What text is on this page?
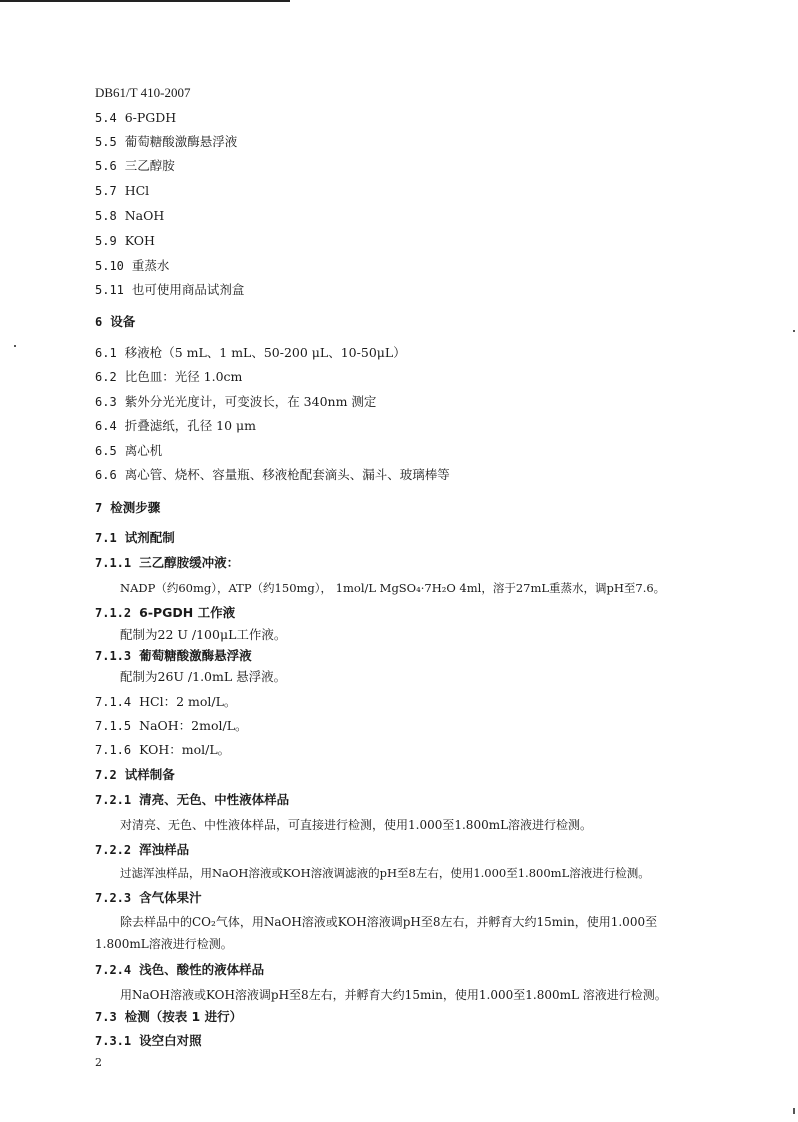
DB61/T 410-2007
5.4 6-PGDH
5.5 葡萄糖酸激酶悬浮液
5.6 三乙醇胺
5.7 HCl
5.8 NaOH
5.9 KOH
5.10 重蒸水
5.11 也可使用商品试剂盒
6 设备
6.1 移液枪（5 mL、1 mL、50-200 μL、10-50μL）
6.2 比色皿：光径 1.0cm
6.3 紫外分光光度计，可变波长，在 340nm 测定
6.4 折叠滤纸，孔径 10 μm
6.5 离心机
6.6 离心管、烧杯、容量瓶、移液枪配套滴头、漏斗、玻璃棒等
7 检测步骤
7.1 试剂配制
7.1.1 三乙醇胺缓冲液：
NADP（约60mg），ATP（约150mg）， 1mol/L MgSO₄·7H₂O 4ml，溶于27mL重蒸水，调pH至7.6。
7.1.2 6-PGDH 工作液
配制为22 U /100μL工作液。
7.1.3 葡萄糖酸激酶悬浮液
配制为26U /1.0mL 悬浮液。
7.1.4 HCl：2 mol/L。
7.1.5 NaOH：2mol/L。
7.1.6 KOH：mol/L。
7.2 试样制备
7.2.1 清亮、无色、中性液体样品
对清亮、无色、中性液体样品，可直接进行检测，使用1.000至1.800mL溶液进行检测。
7.2.2 浑浊样品
过滤浑浊样品，用NaOH溶液或KOH溶液调滤液的pH至8左右，使用1.000至1.800mL溶液进行检测。
7.2.3 含气体果汁
除去样品中的CO₂气体，用NaOH溶液或KOH溶液调pH至8左右，并孵育大约15min，使用1.000至1.800mL溶液进行检测。
7.2.4 浅色、酸性的液体样品
用NaOH溶液或KOH溶液调pH至8左右，并孵育大约15min，使用1.000至1.800mL 溶液进行检测。
7.3 检测（按表 1 进行）
7.3.1 设空白对照
2
